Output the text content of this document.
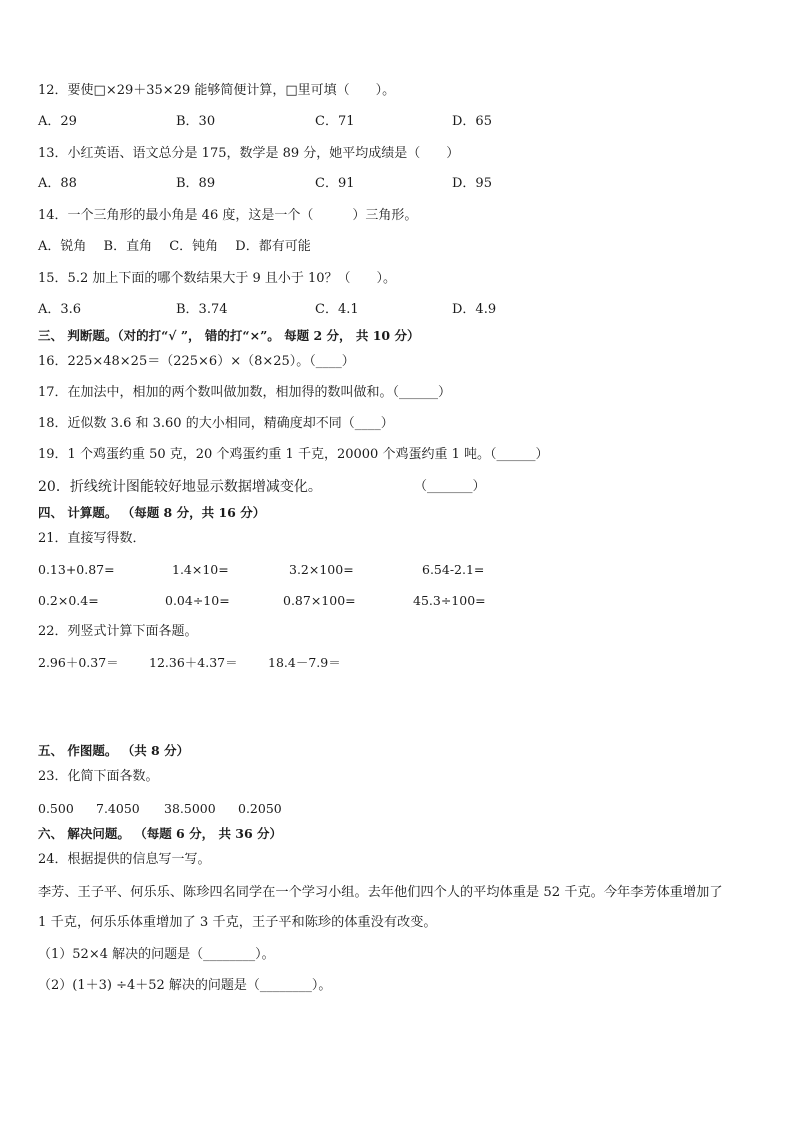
12．要使□×29＋35×29 能够简便计算，□里可填（　　）。
A．29	B．30	C．71	D．65
13．小红英语、语文总分是 175，数学是 89 分，她平均成绩是（　　）
A．88	B．89	C．91	D．95
14．一个三角形的最小角是 46 度，这是一个（　　　）三角形。
A．锐角　 B．直角　 C．钝角　 D．都有可能
15．5.2 加上下面的哪个数结果大于 9 且小于 10？（　　）。
A．3.6	B．3.74	C．4.1	D．4.9
三、 判断题。（对的打“√ ”， 错的打“×”。 每题 2 分， 共 10 分）
16．225×48×25＝（225×6）×（8×25）。（____）
17．在加法中，相加的两个数叫做加数，相加得的数叫做和。（______）
18．近似数 3.6 和 3.60 的大小相同，精确度却不同（____）
19．1 个鸡蛋约重 50 克，20 个鸡蛋约重 1 千克，20000 个鸡蛋约重 1 吨。（______）
20．折线统计图能较好地显示数据增减变化。	（_______）
四、 计算题。 （每题 8 分，共 16 分）
21．直接写得数．
0.13+0.87=	1.4×10=	3.2×100=	6.54-2.1=
0.2×0.4=	0.04÷10=	0.87×100=	45.3÷100=
22．列竖式计算下面各题。
2.96＋0.37＝ 12.36＋4.37＝ 18.4－7.9＝
五、 作图题。 （共 8 分）
23．化简下面各数。
0.500 7.4050 38.5000 0.2050
六、 解决问题。 （每题 6 分， 共 36 分）
24．根据提供的信息写一写。
李芳、王子平、何乐乐、陈珍四名同学在一个学习小组。去年他们四个人的平均体重是 52 千克。今年李芳体重增加了
1 千克，何乐乐体重增加了 3 千克，王子平和陈珍的体重没有改变。
（1）52×4 解决的问题是（________）。
（2）(1＋3) ÷4＋52 解决的问题是（________）。
